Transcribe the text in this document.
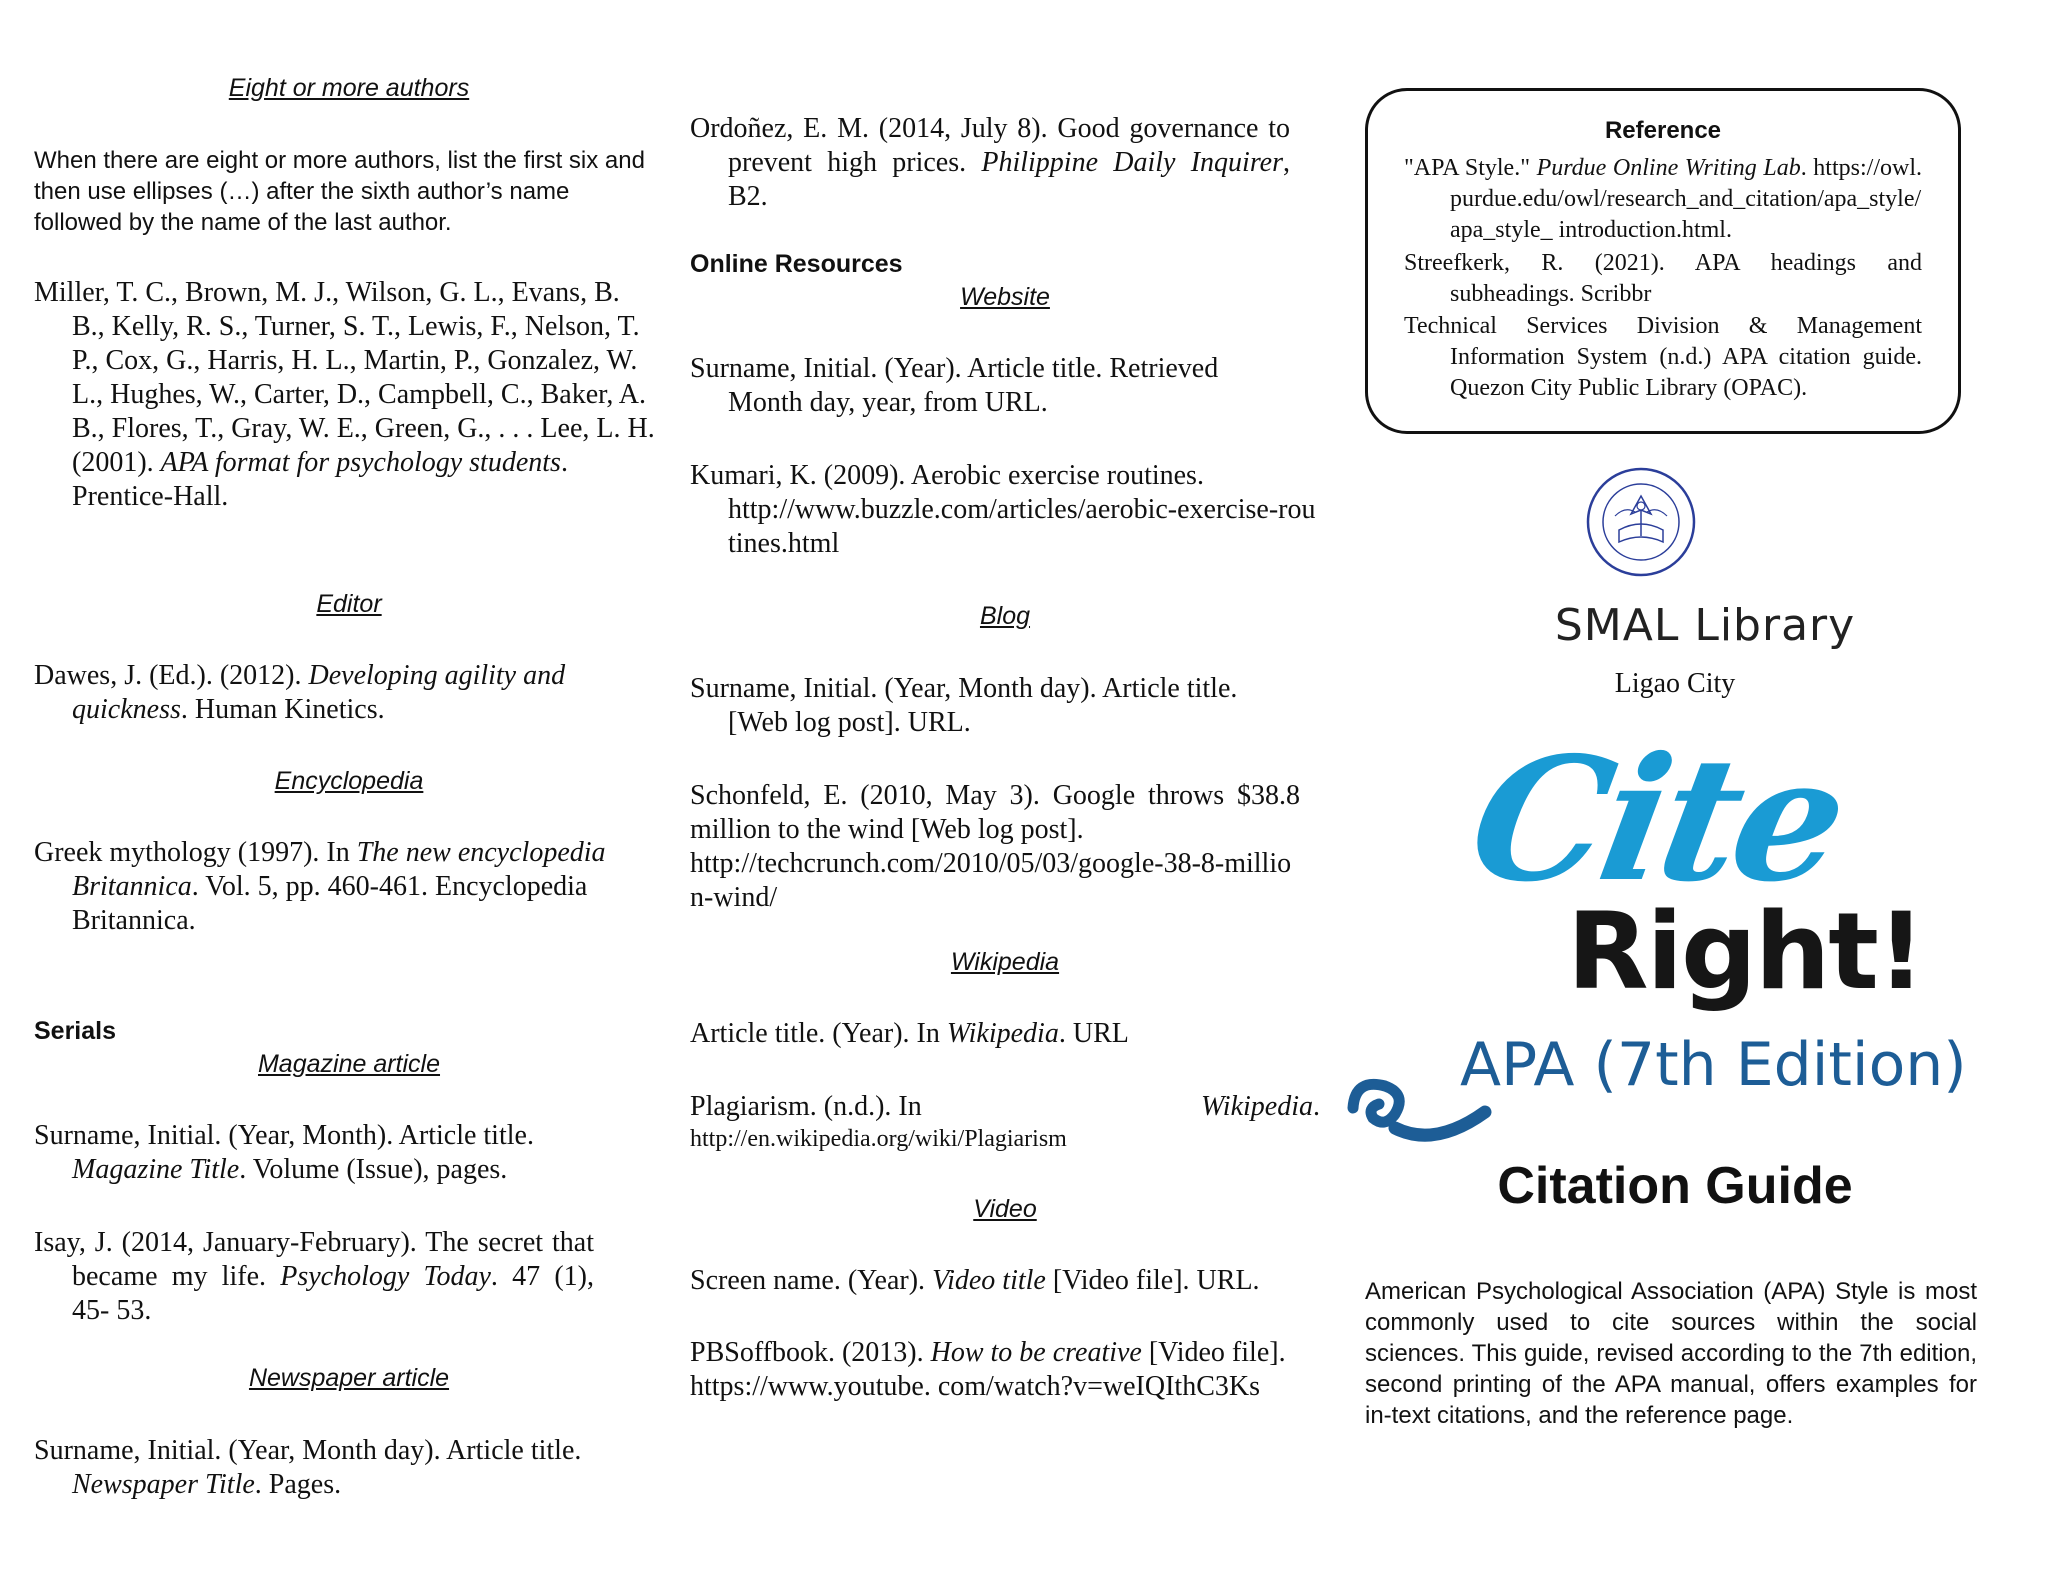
Eight or more authors
When there are eight or more authors, list the first six and then use ellipses (…) after the sixth author’s name followed by the name of the last author.
Miller, T. C., Brown, M. J., Wilson, G. L., Evans, B. B., Kelly, R. S., Turner, S. T., Lewis, F., Nelson, T. P., Cox, G., Harris, H. L., Martin, P., Gonzalez, W. L., Hughes, W., Carter, D., Campbell, C., Baker, A. B., Flores, T., Gray, W. E., Green, G., . . . Lee, L. H. (2001). APA format for psychology students. Prentice-Hall.
Editor
Dawes, J. (Ed.). (2012). Developing agility and quickness. Human Kinetics.
Encyclopedia
Greek mythology (1997). In The new encyclopedia Britannica. Vol. 5, pp. 460-461. Encyclopedia Britannica.
Serials
Magazine article
Surname, Initial. (Year, Month). Article title. Magazine Title. Volume (Issue), pages.
Isay, J. (2014, January-February). The secret that became my life. Psychology Today. 47 (1), 45- 53.
Newspaper article
Surname, Initial. (Year, Month day). Article title. Newspaper Title. Pages.
Ordoñez, E. M. (2014, July 8). Good governance to prevent high prices. Philippine Daily Inquirer, B2.
Online Resources
Website
Surname, Initial. (Year). Article title. Retrieved Month day, year, from URL.
Kumari, K. (2009). Aerobic exercise routines.
http://www.buzzle.com/articles/aerobic-exercise-routines.html
Blog
Surname, Initial. (Year, Month day). Article title. [Web log post]. URL.
Schonfeld, E. (2010, May 3). Google throws $38.8 million to the wind [Web log post].
http://techcrunch.com/2010/05/03/google-38-8-million-wind/
Wikipedia
Article title. (Year). In Wikipedia. URL
Plagiarism. (n.d.). In	Wikipedia.
http://en.wikipedia.org/wiki/Plagiarism
Video
Screen name. (Year). Video title [Video file]. URL.
PBSoffbook. (2013). How to be creative [Video file].
https://www.youtube. com/watch?v=weIQIthC3Ks
Reference
"APA Style." Purdue Online Writing Lab. https://owl.purdue.edu/owl/research_and_citation/apa_style/apa_style_ introduction.html.
Streefkerk, R. (2021). APA headings and subheadings. Scribbr
Technical Services Division & Management Information System (n.d.) APA citation guide. Quezon City Public Library (OPAC).
SMAL Library
Ligao City
Cite
Right!
APA (7th Edition)
Citation Guide
American Psychological Association (APA) Style is most commonly used to cite sources within the social sciences. This guide, revised according to the 7th edition, second printing of the APA manual, offers examples for in-text citations, and the reference page.
